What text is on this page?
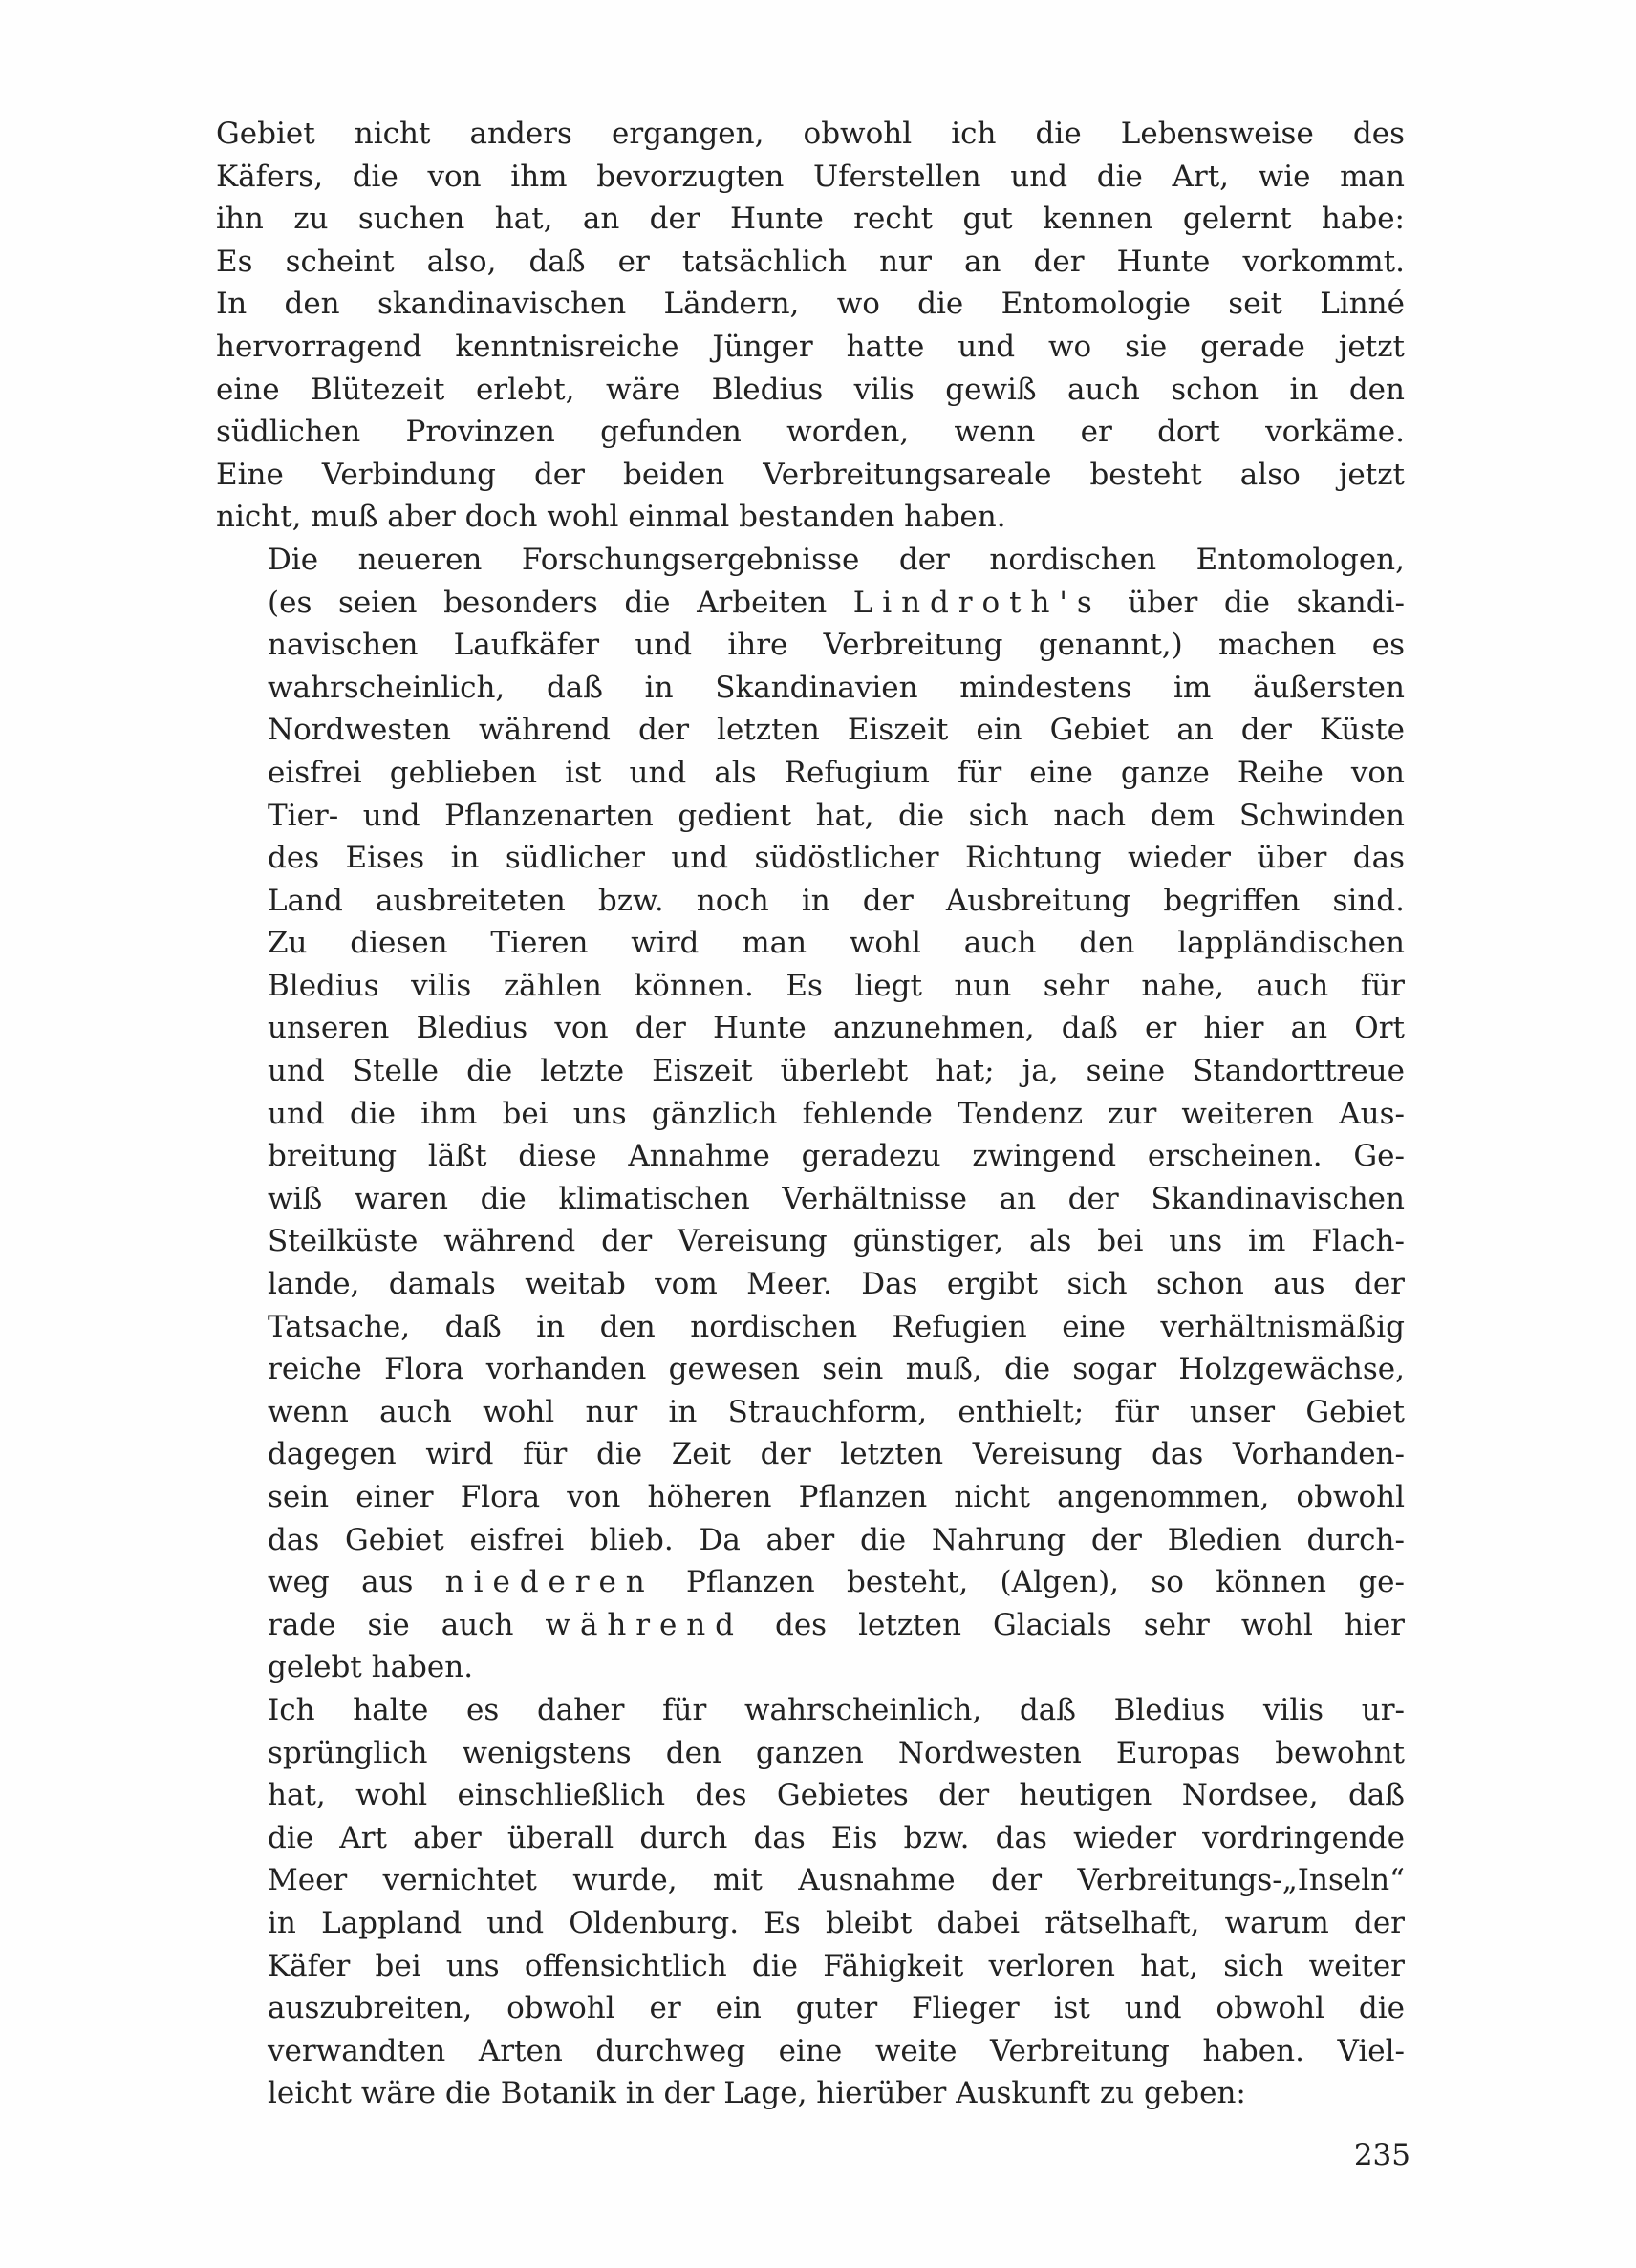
Gebiet nicht anders ergangen, obwohl ich die Lebensweise des
Käfers, die von ihm bevorzugten Uferstellen und die Art, wie man
ihn zu suchen hat, an der Hunte recht gut kennen gelernt habe:
Es scheint also, daß er tatsächlich nur an der Hunte vorkommt.
In den skandinavischen Ländern, wo die Entomologie seit Linné
hervorragend kenntnisreiche Jünger hatte und wo sie gerade jetzt
eine Blütezeit erlebt, wäre Bledius vilis gewiß auch schon in den
südlichen Provinzen gefunden worden, wenn er dort vorkäme.
Eine Verbindung der beiden Verbreitungsareale besteht also jetzt
nicht, muß aber doch wohl einmal bestanden haben.

Die neueren Forschungsergebnisse der nordischen Entomologen,
(es seien besonders die Arbeiten Lindroth's über die skandi-
navischen Laufkäfer und ihre Verbreitung genannt,) machen es
wahrscheinlich, daß in Skandinavien mindestens im äußersten
Nordwesten während der letzten Eiszeit ein Gebiet an der Küste
eisfrei geblieben ist und als Refugium für eine ganze Reihe von
Tier- und Pflanzenarten gedient hat, die sich nach dem Schwinden
des Eises in südlicher und südöstlicher Richtung wieder über das
Land ausbreiteten bzw. noch in der Ausbreitung begriffen sind.
Zu diesen Tieren wird man wohl auch den lappländischen
Bledius vilis zählen können. Es liegt nun sehr nahe, auch für
unseren Bledius von der Hunte anzunehmen, daß er hier an Ort
und Stelle die letzte Eiszeit überlebt hat; ja, seine Standorttreue
und die ihm bei uns gänzlich fehlende Tendenz zur weiteren Aus-
breitung läßt diese Annahme geradezu zwingend erscheinen. Ge-
wiß waren die klimatischen Verhältnisse an der Skandinavischen
Steilküste während der Vereisung günstiger, als bei uns im Flach-
lande, damals weitab vom Meer. Das ergibt sich schon aus der
Tatsache, daß in den nordischen Refugien eine verhältnismäßig
reiche Flora vorhanden gewesen sein muß, die sogar Holzgewächse,
wenn auch wohl nur in Strauchform, enthielt; für unser Gebiet
dagegen wird für die Zeit der letzten Vereisung das Vorhanden-
sein einer Flora von höheren Pflanzen nicht angenommen, obwohl
das Gebiet eisfrei blieb. Da aber die Nahrung der Bledien durch-
weg aus niederen Pflanzen besteht, (Algen), so können ge-
rade sie auch während des letzten Glacials sehr wohl hier
gelebt haben.

Ich halte es daher für wahrscheinlich, daß Bledius vilis ur-
sprünglich wenigstens den ganzen Nordwesten Europas bewohnt
hat, wohl einschließlich des Gebietes der heutigen Nordsee, daß
die Art aber überall durch das Eis bzw. das wieder vordringende
Meer vernichtet wurde, mit Ausnahme der Verbreitungs-„Inseln“
in Lappland und Oldenburg. Es bleibt dabei rätselhaft, warum der
Käfer bei uns offensichtlich die Fähigkeit verloren hat, sich weiter
auszubreiten, obwohl er ein guter Flieger ist und obwohl die
verwandten Arten durchweg eine weite Verbreitung haben. Viel-
leicht wäre die Botanik in der Lage, hierüber Auskunft zu geben:

235
